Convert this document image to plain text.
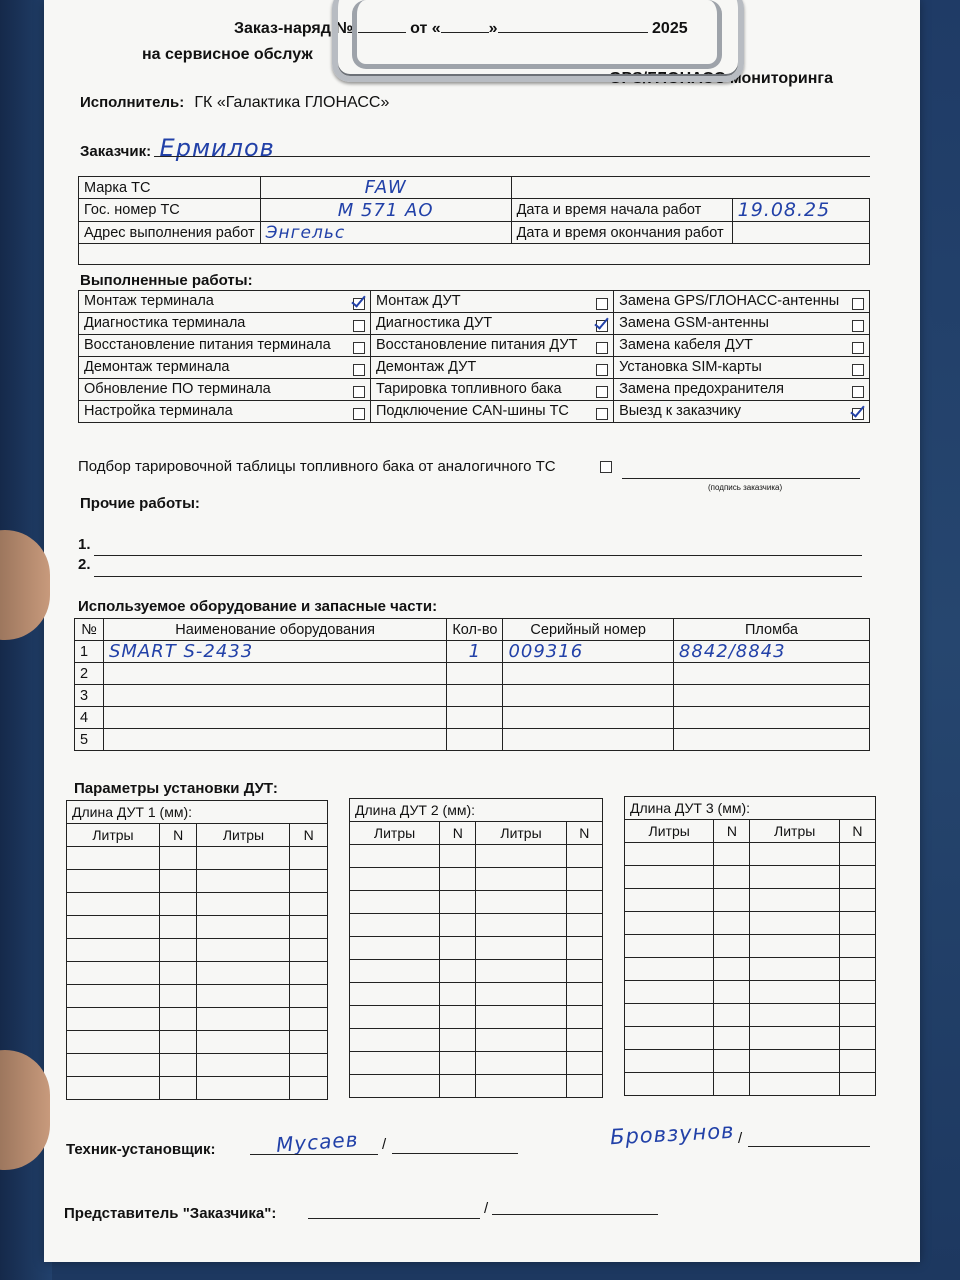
Заказ-наряд №	от «	»	2025
на сервисное обслуж
GPS/ГЛОНАСС мониторинга
Исполнитель: ГК «Галактика ГЛОНАСС»
Заказчик: Ермилов
Марка ТС	FAW		
Гос. номер ТС	М 571 АО	Дата и время начала работ	19.08.25
Адрес выполнения работ	Энгельс	Дата и время окончания работ	

Выполненные работы:
Монтаж терминала	Монтаж ДУТ	Замена GPS/ГЛОНАСС-антенны

Диагностика терминала	Диагностика ДУТ	Замена GSM-антенны

Восстановление питания терминала	Восстановление питания ДУТ	Замена кабеля ДУТ

Демонтаж терминала	Демонтаж ДУТ	Установка SIM-карты

Обновление ПО терминала	Тарировка топливного бака	Замена предохранителя

Настройка терминала	Подключение CAN-шины ТС	Выезд к заказчику
Подбор тарировочной таблицы топливного бака от аналогичного ТС
(подпись заказчика)
Прочие работы:
1.
2.
Используемое оборудование и запасные части:
№	Наименование оборудования	Кол-во	Серийный номер	Пломба
1	SMART S-2433	1	009316	8842/8843
2				
3				
4				
5				
Параметры установки ДУТ:
Длина ДУТ 1 (мм):			
Литры	N	Литры	N

Длина ДУТ 2 (мм):			
Литры	N	Литры	N

Длина ДУТ 3 (мм):			
Литры	N	Литры	N

Техник-установщик:	Мусаев /	Бровзунов /
Представитель "Заказчика":	/
